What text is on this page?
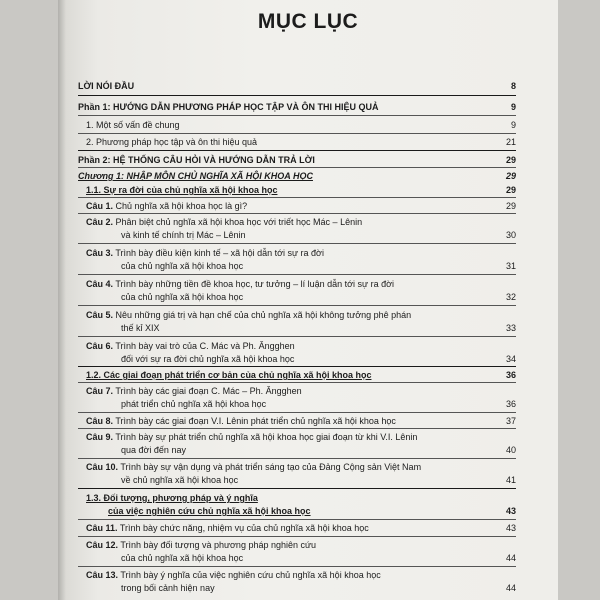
MỤC LỤC
LỜI NÓI ĐẦU	8
Phần 1: HƯỚNG DẪN PHƯƠNG PHÁP HỌC TẬP VÀ ÔN THI HIỆU QUẢ	9
1. Một số vấn đề chung	9
2. Phương pháp học tập và ôn thi hiệu quả	21
Phần 2: HỆ THỐNG CÂU HỎI VÀ HƯỚNG DẪN TRẢ LỜI	29
Chương 1: NHẬP MÔN CHỦ NGHĨA XÃ HỘI KHOA HỌC	29
1.1. Sự ra đời của chủ nghĩa xã hội khoa học	29
Câu 1. Chủ nghĩa xã hội khoa học là gì?	29
Câu 2. Phân biệt chủ nghĩa xã hội khoa học với triết học Mác – Lênin
và kinh tế chính trị Mác – Lênin	30
Câu 3. Trình bày điều kiện kinh tế – xã hội dẫn tới sự ra đời
của chủ nghĩa xã hội khoa học	31
Câu 4. Trình bày những tiền đề khoa học, tư tưởng – lí luận dẫn tới sự ra đời
của chủ nghĩa xã hội khoa học	32
Câu 5. Nêu những giá trị và hạn chế của chủ nghĩa xã hội không tưởng phê phán
thế kỉ XIX	33
Câu 6. Trình bày vai trò của C. Mác và Ph. Ăngghen
đối với sự ra đời chủ nghĩa xã hội khoa học	34
1.2. Các giai đoạn phát triển cơ bản của chủ nghĩa xã hội khoa học	36
Câu 7. Trình bày các giai đoạn C. Mác – Ph. Ăngghen
phát triển chủ nghĩa xã hội khoa học	36
Câu 8. Trình bày các giai đoạn V.I. Lênin phát triển chủ nghĩa xã hội khoa học	37
Câu 9. Trình bày sự phát triển chủ nghĩa xã hội khoa học giai đoạn từ khi V.I. Lênin
qua đời đến nay	40
Câu 10. Trình bày sự vận dụng và phát triển sáng tạo của Đảng Cộng sản Việt Nam
về chủ nghĩa xã hội khoa học	41
1.3. Đối tượng, phương pháp và ý nghĩa
của việc nghiên cứu chủ nghĩa xã hội khoa học	43
Câu 11. Trình bày chức năng, nhiệm vụ của chủ nghĩa xã hội khoa học	43
Câu 12. Trình bày đối tượng và phương pháp nghiên cứu
của chủ nghĩa xã hội khoa học	44
Câu 13. Trình bày ý nghĩa của việc nghiên cứu chủ nghĩa xã hội khoa học
trong bối cảnh hiện nay	44
